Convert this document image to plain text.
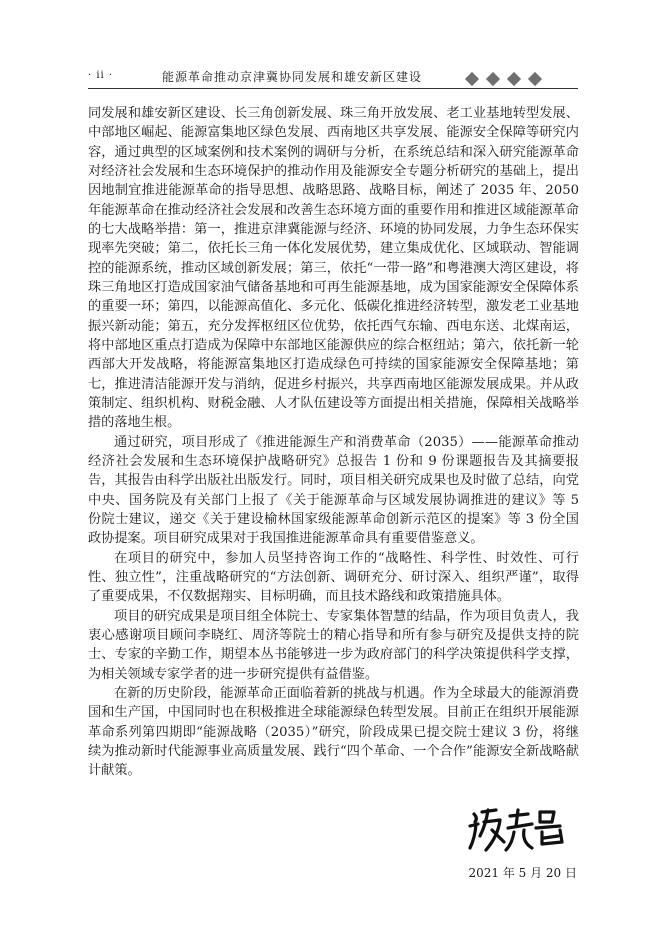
· ii ·	能源革命推动京津冀协同发展和雄安新区建设

同发展和雄安新区建设、长三角创新发展、珠三角开放发展、老工业基地转型发展、中部地区崛起、能源富集地区绿色发展、西南地区共享发展、能源安全保障等研究内容，通过典型的区域案例和技术案例的调研与分析，在系统总结和深入研究能源革命对经济社会发展和生态环境保护的推动作用及能源安全专题分析研究的基础上，提出因地制宜推进能源革命的指导思想、战略思路、战略目标，阐述了 2035 年、2050 年能源革命在推动经济社会发展和改善生态环境方面的重要作用和推进区域能源革命的七大战略举措：第一，推进京津冀能源与经济、环境的协同发展，力争生态环保实现率先突破；第二，依托长三角一体化发展优势，建立集成优化、区域联动、智能调控的能源系统，推动区域创新发展；第三，依托“一带一路”和粤港澳大湾区建设，将珠三角地区打造成国家油气储备基地和可再生能源基地，成为国家能源安全保障体系的重要一环；第四，以能源高值化、多元化、低碳化推进经济转型，激发老工业基地振兴新动能；第五，充分发挥枢纽区位优势，依托西气东输、西电东送、北煤南运，将中部地区重点打造成为保障中东部地区能源供应的综合枢纽站；第六，依托新一轮西部大开发战略，将能源富集地区打造成绿色可持续的国家能源安全保障基地；第七，推进清洁能源开发与消纳，促进乡村振兴，共享西南地区能源发展成果。并从政策制定、组织机构、财税金融、人才队伍建设等方面提出相关措施，保障相关战略举措的落地生根。

通过研究，项目形成了《推进能源生产和消费革命（2035）——能源革命推动经济社会发展和生态环境保护战略研究》总报告 1 份和 9 份课题报告及其摘要报告，其报告由科学出版社出版发行。同时，项目相关研究成果也及时做了总结，向党中央、国务院及有关部门上报了《关于能源革命与区域发展协调推进的建议》等 5 份院士建议，递交《关于建设榆林国家级能源革命创新示范区的提案》等 3 份全国政协提案。项目研究成果对于我国推进能源革命具有重要借鉴意义。

在项目的研究中，参加人员坚持咨询工作的“战略性、科学性、时效性、可行性、独立性”，注重战略研究的“方法创新、调研充分、研讨深入、组织严谨”，取得了重要成果，不仅数据翔实、目标明确，而且技术路线和政策措施具体。

项目的研究成果是项目组全体院士、专家集体智慧的结晶，作为项目负责人，我衷心感谢项目顾问李晓红、周济等院士的精心指导和所有参与研究及提供支持的院士、专家的辛勤工作，期望本丛书能够进一步为政府部门的科学决策提供科学支撑，为相关领域专家学者的进一步研究提供有益借鉴。

在新的历史阶段，能源革命正面临着新的挑战与机遇。作为全球最大的能源消费国和生产国，中国同时也在积极推进全球能源绿色转型发展。目前正在组织开展能源革命系列第四期即“能源战略（2035）”研究，阶段成果已提交院士建议 3 份，将继续为推动新时代能源事业高质量发展、践行“四个革命、一个合作”能源安全新战略献计献策。

2021 年 5 月 20 日
